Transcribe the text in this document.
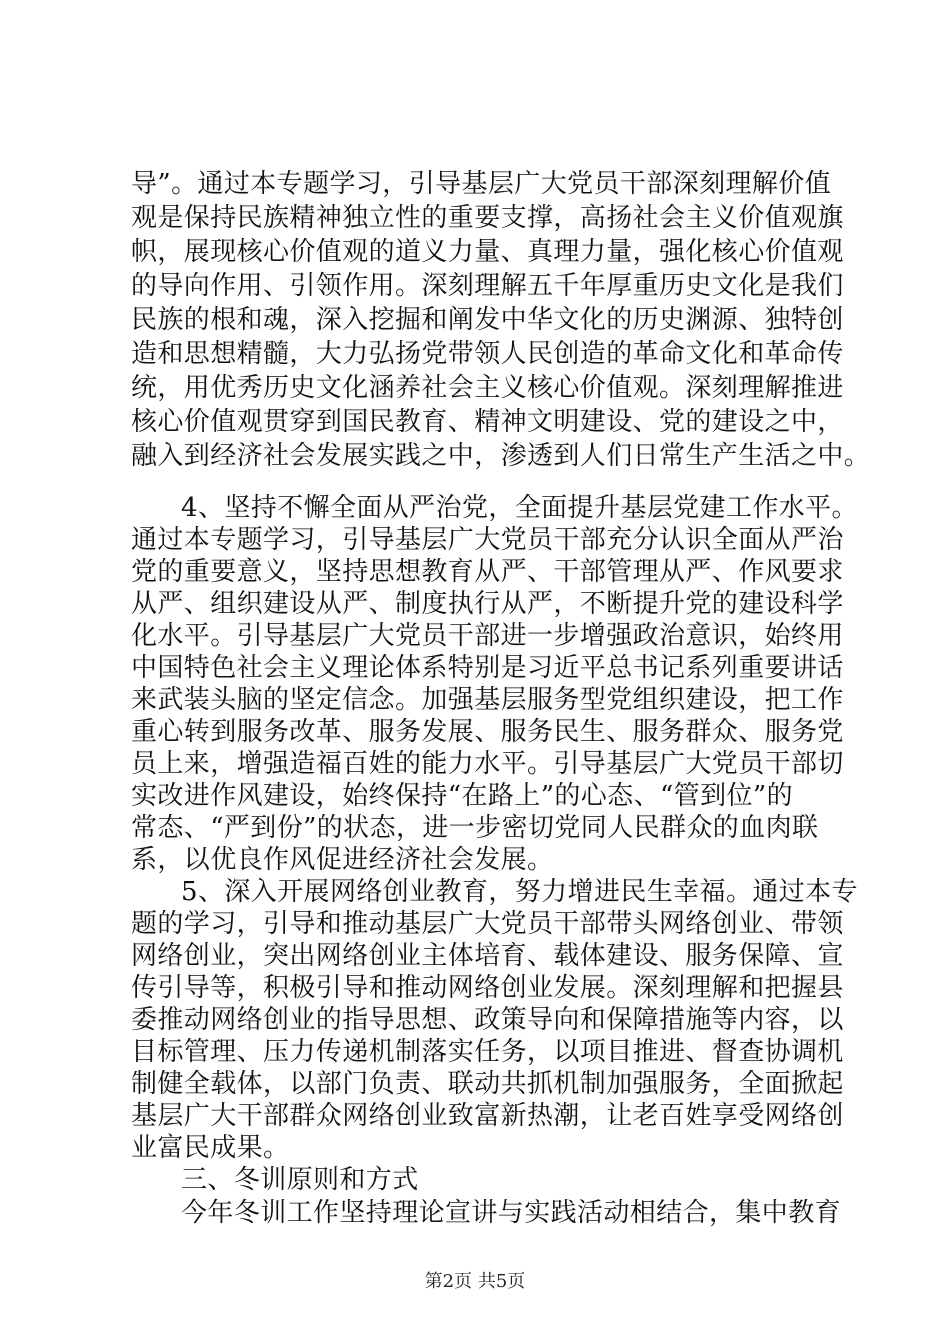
导”。通过本专题学习，引导基层广大党员干部深刻理解价值
观是保持民族精神独立性的重要支撑，高扬社会主义价值观旗
帜，展现核心价值观的道义力量、真理力量，强化核心价值观
的导向作用、引领作用。深刻理解五千年厚重历史文化是我们
民族的根和魂，深入挖掘和阐发中华文化的历史渊源、独特创
造和思想精髓，大力弘扬党带领人民创造的革命文化和革命传
统，用优秀历史文化涵养社会主义核心价值观。深刻理解推进
核心价值观贯穿到国民教育、精神文明建设、党的建设之中，
融入到经济社会发展实践之中，渗透到人们日常生产生活之中。
4、坚持不懈全面从严治党，全面提升基层党建工作水平。
通过本专题学习，引导基层广大党员干部充分认识全面从严治
党的重要意义，坚持思想教育从严、干部管理从严、作风要求
从严、组织建设从严、制度执行从严，不断提升党的建设科学
化水平。引导基层广大党员干部进一步增强政治意识，始终用
中国特色社会主义理论体系特别是习近平总书记系列重要讲话
来武装头脑的坚定信念。加强基层服务型党组织建设，把工作
重心转到服务改革、服务发展、服务民生、服务群众、服务党
员上来，增强造福百姓的能力水平。引导基层广大党员干部切
实改进作风建设，始终保持“在路上”的心态、“管到位”的
常态、“严到份”的状态，进一步密切党同人民群众的血肉联
系，以优良作风促进经济社会发展。
5、深入开展网络创业教育，努力增进民生幸福。通过本专
题的学习，引导和推动基层广大党员干部带头网络创业、带领
网络创业，突出网络创业主体培育、载体建设、服务保障、宣
传引导等，积极引导和推动网络创业发展。深刻理解和把握县
委推动网络创业的指导思想、政策导向和保障措施等内容，以
目标管理、压力传递机制落实任务，以项目推进、督查协调机
制健全载体，以部门负责、联动共抓机制加强服务，全面掀起
基层广大干部群众网络创业致富新热潮，让老百姓享受网络创
业富民成果。
三、冬训原则和方式
今年冬训工作坚持理论宣讲与实践活动相结合，集中教育
第2页 共5页
